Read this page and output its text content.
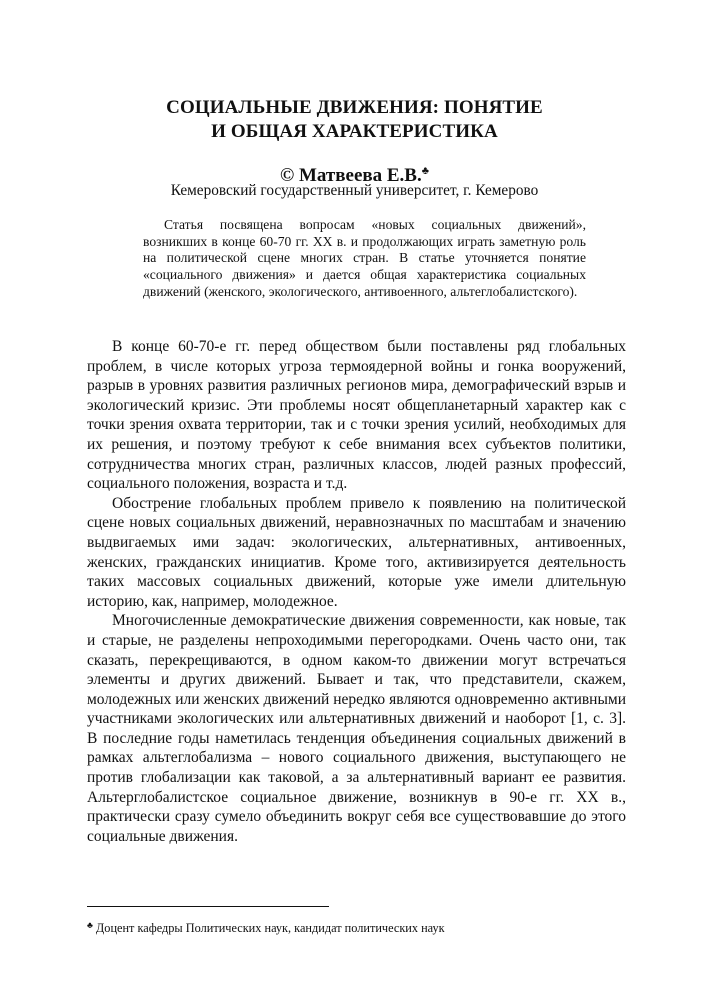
СОЦИАЛЬНЫЕ ДВИЖЕНИЯ: ПОНЯТИЕ
И ОБЩАЯ ХАРАКТЕРИСТИКА
© Матвеева Е.В.♣
Кемеровский государственный университет, г. Кемерово
Статья посвящена вопросам «новых социальных движений», возникших в конце 60-70 гг. XX в. и продолжающих играть заметную роль на политической сцене многих стран. В статье уточняется понятие «социального движения» и дается общая характеристика социальных движений (женского, экологического, антивоенного, альтеглобалистского).

В конце 60-70-е гг. перед обществом были поставлены ряд глобальных проблем, в числе которых угроза термоядерной войны и гонка вооружений, разрыв в уровнях развития различных регионов мира, демографический взрыв и экологический кризис. Эти проблемы носят общепланетарный характер как с точки зрения охвата территории, так и с точки зрения усилий, необходимых для их решения, и поэтому требуют к себе внимания всех субъектов политики, сотрудничества многих стран, различных классов, людей разных профессий, социального положения, возраста и т.д.

Обострение глобальных проблем привело к появлению на политической сцене новых социальных движений, неравнозначных по масштабам и значению выдвигаемых ими задач: экологических, альтернативных, антивоенных, женских, гражданских инициатив. Кроме того, активизируется деятельность таких массовых социальных движений, которые уже имели длительную историю, как, например, молодежное.

Многочисленные демократические движения современности, как новые, так и старые, не разделены непроходимыми перегородками. Очень часто они, так сказать, перекрещиваются, в одном каком-то движении могут встречаться элементы и других движений. Бывает и так, что представители, скажем, молодежных или женских движений нередко являются одновременно активными участниками экологических или альтернативных движений и наоборот [1, с. 3]. В последние годы наметилась тенденция объединения социальных движений в рамках альтеглобализма – нового социального движения, выступающего не против глобализации как таковой, а за альтернативный вариант ее развития. Альтерглобалистское социальное движение, возникнув в 90-е гг. XX в., практически сразу сумело объединить вокруг себя все существовавшие до этого социальные движения.

♣ Доцент кафедры Политических наук, кандидат политических наук
